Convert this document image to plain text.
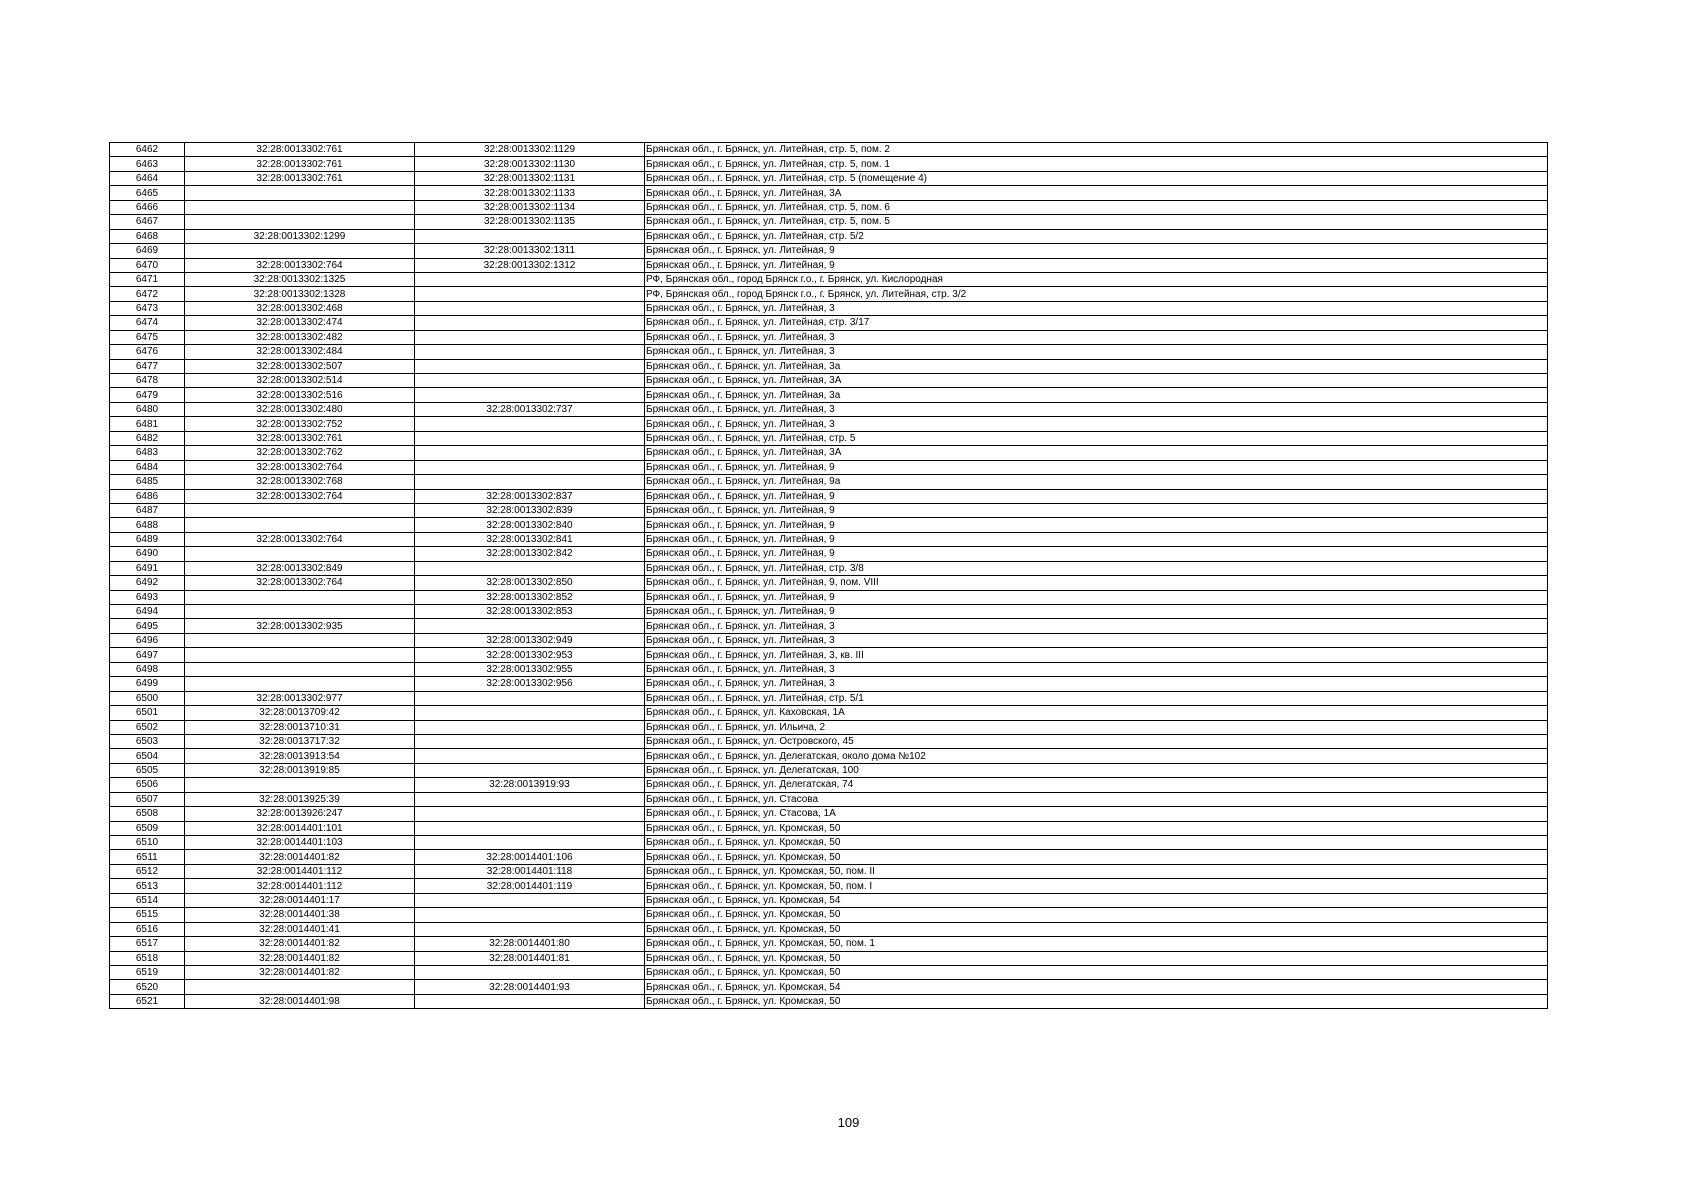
6462	32:28:0013302:761	32:28:0013302:1129	Брянская обл., г. Брянск, ул. Литейная, стр. 5, пом. 2
6463	32:28:0013302:761	32:28:0013302:1130	Брянская обл., г. Брянск, ул. Литейная, стр. 5, пом. 1
6464	32:28:0013302:761	32:28:0013302:1131	Брянская обл., г. Брянск, ул. Литейная, стр. 5 (помещение 4)
6465		32:28:0013302:1133	Брянская обл., г. Брянск, ул. Литейная, 3А
6466		32:28:0013302:1134	Брянская обл., г. Брянск, ул. Литейная, стр. 5, пом. 6
6467		32:28:0013302:1135	Брянская обл., г. Брянск, ул. Литейная, стр. 5, пом. 5
6468	32:28:0013302:1299		Брянская обл., г. Брянск, ул. Литейная, стр. 5/2
6469		32:28:0013302:1311	Брянская обл., г. Брянск, ул. Литейная, 9
6470	32:28:0013302:764	32:28:0013302:1312	Брянская обл., г. Брянск, ул. Литейная, 9
6471	32:28:0013302:1325		РФ, Брянская обл., город Брянск г.о., г. Брянск, ул. Кислородная
6472	32:28:0013302:1328		РФ, Брянская обл., город Брянск г.о., г. Брянск, ул. Литейная, стр. 3/2
6473	32:28:0013302:468		Брянская обл., г. Брянск, ул. Литейная, 3
6474	32:28:0013302:474		Брянская обл., г. Брянск, ул. Литейная, стр. 3/17
6475	32:28:0013302:482		Брянская обл., г. Брянск, ул. Литейная, 3
6476	32:28:0013302:484		Брянская обл., г. Брянск, ул. Литейная, 3
6477	32:28:0013302:507		Брянская обл., г. Брянск, ул. Литейная, 3а
6478	32:28:0013302:514		Брянская обл., г. Брянск, ул. Литейная, 3А
6479	32:28:0013302:516		Брянская обл., г. Брянск, ул. Литейная, 3а
6480	32:28:0013302:480	32:28:0013302:737	Брянская обл., г. Брянск, ул. Литейная, 3
6481	32:28:0013302:752		Брянская обл., г. Брянск, ул. Литейная, 3
6482	32:28:0013302:761		Брянская обл., г. Брянск, ул. Литейная, стр. 5
6483	32:28:0013302:762		Брянская обл., г. Брянск, ул. Литейная, 3А
6484	32:28:0013302:764		Брянская обл., г. Брянск, ул. Литейная, 9
6485	32:28:0013302:768		Брянская обл., г. Брянск, ул. Литейная, 9а
6486	32:28:0013302:764	32:28:0013302:837	Брянская обл., г. Брянск, ул. Литейная, 9
6487		32:28:0013302:839	Брянская обл., г. Брянск, ул. Литейная, 9
6488		32:28:0013302:840	Брянская обл., г. Брянск, ул. Литейная, 9
6489	32:28:0013302:764	32:28:0013302:841	Брянская обл., г. Брянск, ул. Литейная, 9
6490		32:28:0013302:842	Брянская обл., г. Брянск, ул. Литейная, 9
6491	32:28:0013302:849		Брянская обл., г. Брянск, ул. Литейная, стр. 3/8
6492	32:28:0013302:764	32:28:0013302:850	Брянская обл., г. Брянск, ул. Литейная, 9, пом. VIII
6493		32:28:0013302:852	Брянская обл., г. Брянск, ул. Литейная, 9
6494		32:28:0013302:853	Брянская обл., г. Брянск, ул. Литейная, 9
6495	32:28:0013302:935		Брянская обл., г. Брянск, ул. Литейная, 3
6496		32:28:0013302:949	Брянская обл., г. Брянск, ул. Литейная, 3
6497		32:28:0013302:953	Брянская обл., г. Брянск, ул. Литейная, 3, кв. III
6498		32:28:0013302:955	Брянская обл., г. Брянск, ул. Литейная, 3
6499		32:28:0013302:956	Брянская обл., г. Брянск, ул. Литейная, 3
6500	32:28:0013302:977		Брянская обл., г. Брянск, ул. Литейная, стр. 5/1
6501	32:28:0013709:42		Брянская обл., г. Брянск, ул. Каховская, 1А
6502	32:28:0013710:31		Брянская обл., г. Брянск, ул. Ильича, 2
6503	32:28:0013717:32		Брянская обл., г. Брянск, ул. Островского, 45
6504	32:28:0013913:54		Брянская обл., г. Брянск, ул. Делегатская, около дома №102
6505	32:28:0013919:85		Брянская обл., г. Брянск, ул. Делегатская, 100
6506		32:28:0013919:93	Брянская обл., г. Брянск, ул. Делегатская, 74
6507	32:28:0013925:39		Брянская обл., г. Брянск, ул. Стасова
6508	32:28:0013926:247		Брянская обл., г. Брянск, ул. Стасова, 1А
6509	32:28:0014401:101		Брянская обл., г. Брянск, ул. Кромская, 50
6510	32:28:0014401:103		Брянская обл., г. Брянск, ул. Кромская, 50
6511	32:28:0014401:82	32:28:0014401:106	Брянская обл., г. Брянск, ул. Кромская, 50
6512	32:28:0014401:112	32:28:0014401:118	Брянская обл., г. Брянск, ул. Кромская, 50, пом. II
6513	32:28:0014401:112	32:28:0014401:119	Брянская обл., г. Брянск, ул. Кромская, 50, пом. I
6514	32:28:0014401:17		Брянская обл., г. Брянск, ул. Кромская, 54
6515	32:28:0014401:38		Брянская обл., г. Брянск, ул. Кромская, 50
6516	32:28:0014401:41		Брянская обл., г. Брянск, ул. Кромская, 50
6517	32:28:0014401:82	32:28:0014401:80	Брянская обл., г. Брянск, ул. Кромская, 50, пом. 1
6518	32:28:0014401:82	32:28:0014401:81	Брянская обл., г. Брянск, ул. Кромская, 50
6519	32:28:0014401:82		Брянская обл., г. Брянск, ул. Кромская, 50
6520		32:28:0014401:93	Брянская обл., г. Брянск, ул. Кромская, 54
6521	32:28:0014401:98		Брянская обл., г. Брянск, ул. Кромская, 50
109
